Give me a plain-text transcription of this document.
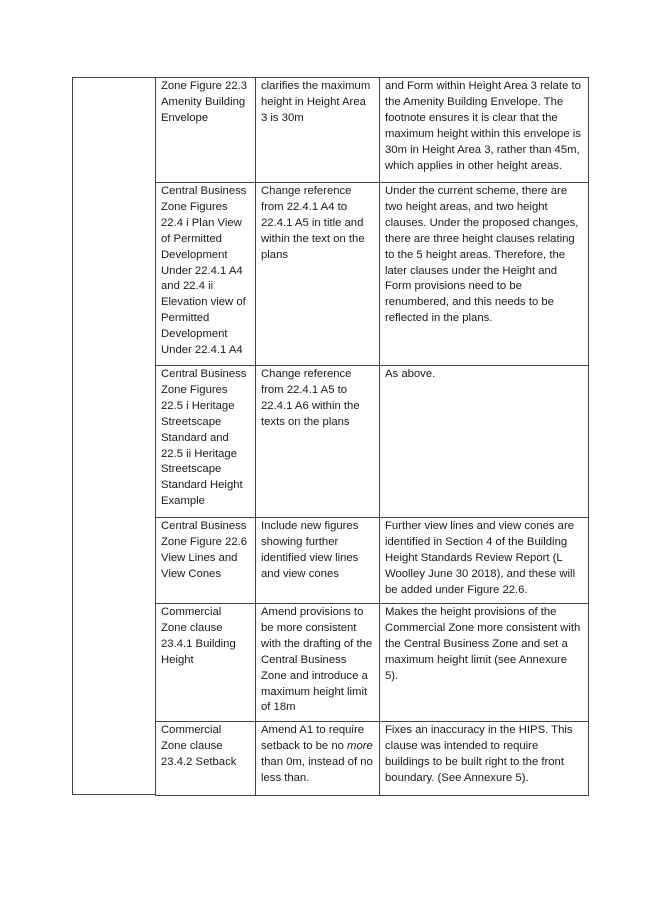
Zone Figure 22.3 Amenity Building Envelope	clarifies the maximum height in Height Area 3 is 30m	and Form within Height Area 3 relate to the Amenity Building Envelope. The footnote ensures it is clear that the maximum height within this envelope is 30m in Height Area 3, rather than 45m, which applies in other height areas.
Central Business Zone Figures 22.4 i Plan View of Permitted Development Under 22.4.1 A4 and 22.4 ii Elevation view of Permitted Development Under 22.4.1 A4	Change reference from 22.4.1 A4 to 22.4.1 A5 in title and within the text on the plans	Under the current scheme, there are two height areas, and two height clauses. Under the proposed changes, there are three height clauses relating to the 5 height areas. Therefore, the later clauses under the Height and Form provisions need to be renumbered, and this needs to be reflected in the plans.
Central Business Zone Figures 22.5 i Heritage Streetscape Standard and 22.5 ii Heritage Streetscape Standard Height Example	Change reference from 22.4.1 A5 to 22.4.1 A6 within the texts on the plans	As above.
Central Business Zone Figure 22.6 View Lines and View Cones	Include new figures showing further identified view lines and view cones	Further view lines and view cones are identified in Section 4 of the Building Height Standards Review Report (L Woolley June 30 2018), and these will be added under Figure 22.6.
Commercial Zone clause 23.4.1 Building Height	Amend provisions to be more consistent with the drafting of the Central Business Zone and introduce a maximum height limit of 18m	Makes the height provisions of the Commercial Zone more consistent with the Central Business Zone and set a maximum height limit (see Annexure 5).
Commercial Zone clause 23.4.2 Setback	Amend A1 to require setback to be no more than 0m, instead of no less than.	Fixes an inaccuracy in the HIPS. This clause was intended to require buildings to be built right to the front boundary. (See Annexure 5).
